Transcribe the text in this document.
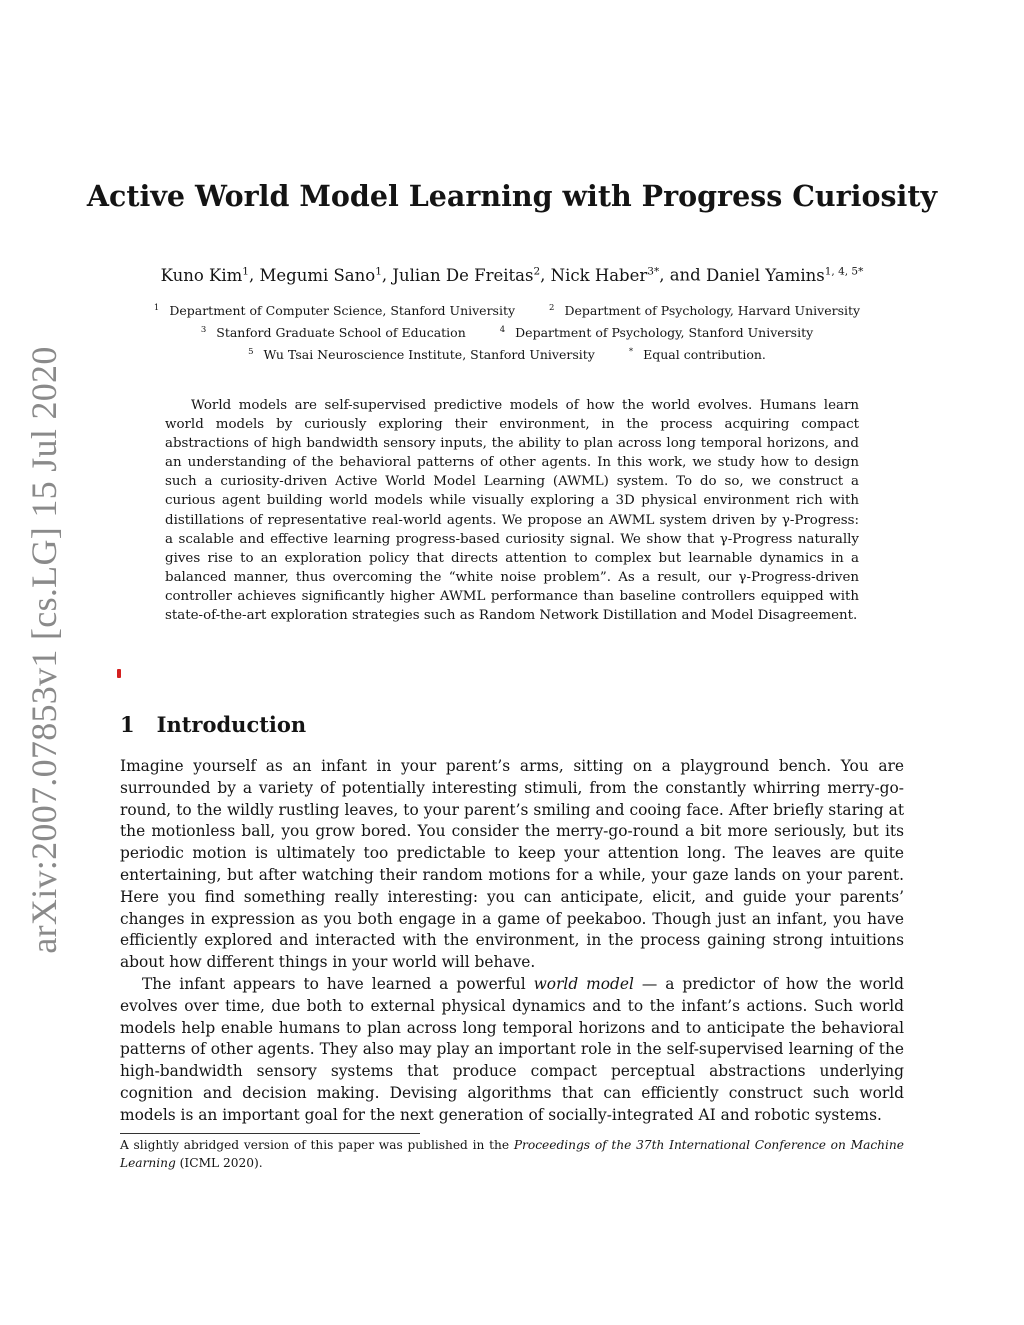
arXiv:2007.07853v1 [cs.LG] 15 Jul 2020
Active World Model Learning with Progress Curiosity
Kuno Kim$^1$, Megumi Sano$^1$, Julian De Freitas$^2$, Nick Haber$^{3*}$, and Daniel Yamins$^{1, 4, 5*}$
$^1$ Department of Computer Science, Stanford University	$^2$ Department of Psychology, Harvard University
$^3$ Stanford Graduate School of Education	$^4$ Department of Psychology, Stanford University
$^5$ Wu Tsai Neuroscience Institute, Stanford University	* Equal contribution.

World models are self-supervised predictive models of how the world evolves. Humans learn world models by curiously exploring their environment, in the process acquiring compact abstractions of high bandwidth sensory inputs, the ability to plan across long temporal horizons, and an understanding of the behavioral patterns of other agents. In this work, we study how to design such a curiosity-driven Active World Model Learning (AWML) system. To do so, we construct a curious agent building world models while visually exploring a 3D physical environment rich with distillations of representative real-world agents. We propose an AWML system driven by γ-Progress: a scalable and effective learning progress-based curiosity signal. We show that γ-Progress naturally gives rise to an exploration policy that directs attention to complex but learnable dynamics in a balanced manner, thus overcoming the “white noise problem”. As a result, our γ-Progress-driven controller achieves significantly higher AWML performance than baseline controllers equipped with state-of-the-art exploration strategies such as Random Network Distillation and Model Disagreement.

1 Introduction

Imagine yourself as an infant in your parent’s arms, sitting on a playground bench. You are surrounded by a variety of potentially interesting stimuli, from the constantly whirring merry-go-round, to the wildly rustling leaves, to your parent’s smiling and cooing face. After briefly staring at the motionless ball, you grow bored. You consider the merry-go-round a bit more seriously, but its periodic motion is ultimately too predictable to keep your attention long. The leaves are quite entertaining, but after watching their random motions for a while, your gaze lands on your parent. Here you find something really interesting: you can anticipate, elicit, and guide your parents’ changes in expression as you both engage in a game of peekaboo. Though just an infant, you have efficiently explored and interacted with the environment, in the process gaining strong intuitions about how different things in your world will behave.

The infant appears to have learned a powerful world model — a predictor of how the world evolves over time, due both to external physical dynamics and to the infant’s actions. Such world models help enable humans to plan across long temporal horizons and to anticipate the behavioral patterns of other agents. They also may play an important role in the self-supervised learning of the high-bandwidth sensory systems that produce compact perceptual abstractions underlying cognition and decision making. Devising algorithms that can efficiently construct such world models is an important goal for the next generation of socially-integrated AI and robotic systems.

A slightly abridged version of this paper was published in the Proceedings of the 37th International Conference on Machine Learning (ICML 2020).
